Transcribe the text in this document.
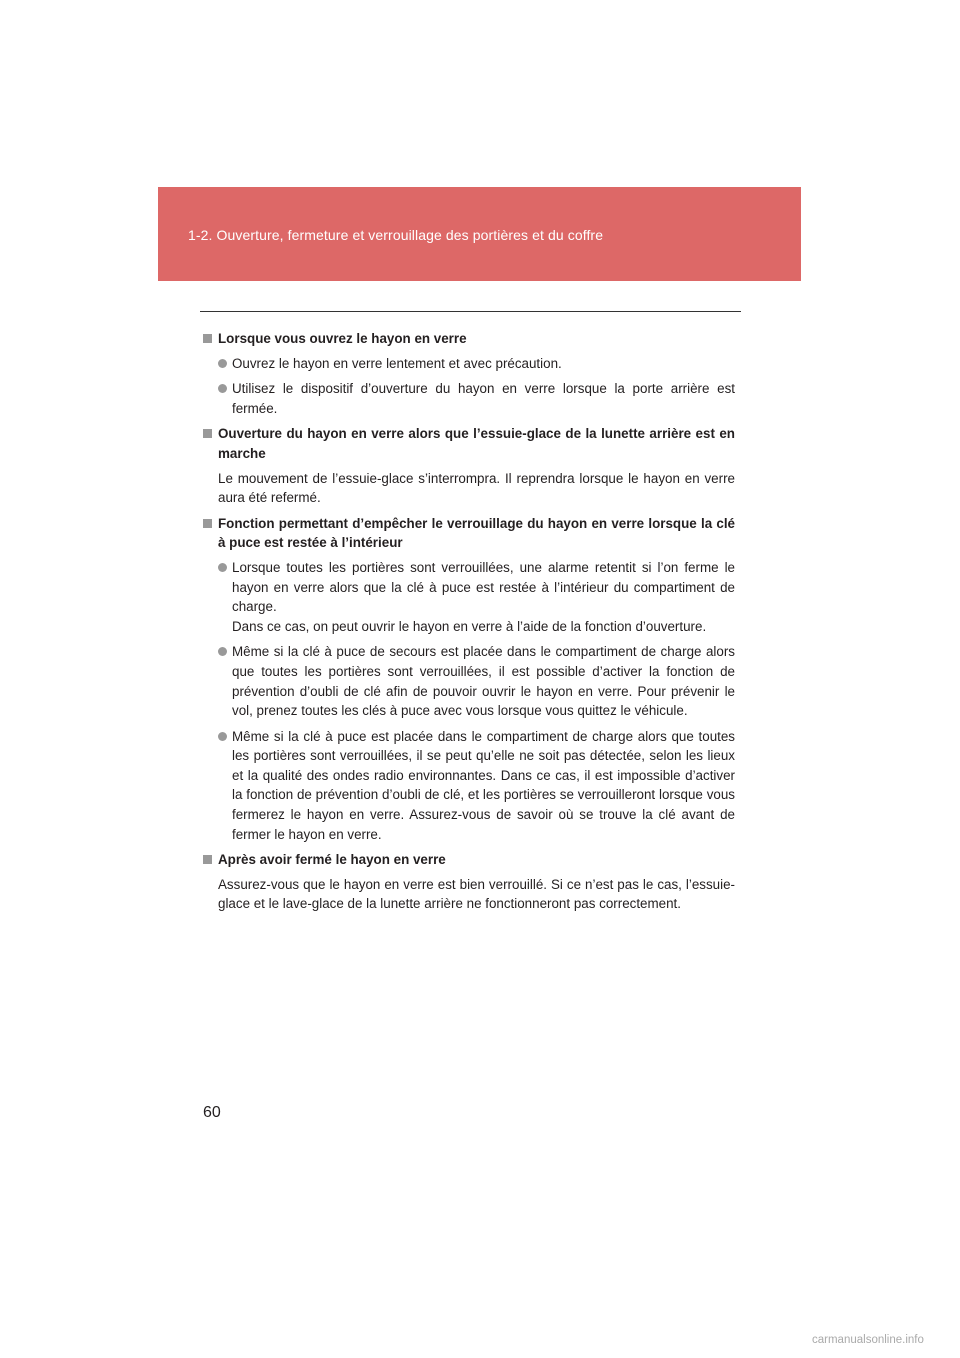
1-2. Ouverture, fermeture et verrouillage des portières et du coffre
Lorsque vous ouvrez le hayon en verre
Ouvrez le hayon en verre lentement et avec précaution.
Utilisez le dispositif d’ouverture du hayon en verre lorsque la porte arrière est fermée.
Ouverture du hayon en verre alors que l’essuie-glace de la lunette arrière est en marche
Le mouvement de l’essuie-glace s’interrompra. Il reprendra lorsque le hayon en verre aura été refermé.
Fonction permettant d’empêcher le verrouillage du hayon en verre lorsque la clé à puce est restée à l’intérieur
Lorsque toutes les portières sont verrouillées, une alarme retentit si l’on ferme le hayon en verre alors que la clé à puce est restée à l’intérieur du compartiment de charge.
Dans ce cas, on peut ouvrir le hayon en verre à l’aide de la fonction d’ouverture.
Même si la clé à puce de secours est placée dans le compartiment de charge alors que toutes les portières sont verrouillées, il est possible d’activer la fonction de prévention d’oubli de clé afin de pouvoir ouvrir le hayon en verre. Pour prévenir le vol, prenez toutes les clés à puce avec vous lorsque vous quittez le véhicule.
Même si la clé à puce est placée dans le compartiment de charge alors que toutes les portières sont verrouillées, il se peut qu’elle ne soit pas détectée, selon les lieux et la qualité des ondes radio environnantes. Dans ce cas, il est impossible d’activer la fonction de prévention d’oubli de clé, et les portières se verrouilleront lorsque vous fermerez le hayon en verre. Assurez-vous de savoir où se trouve la clé avant de fermer le hayon en verre.
Après avoir fermé le hayon en verre
Assurez-vous que le hayon en verre est bien verrouillé. Si ce n’est pas le cas, l’essuie-glace et le lave-glace de la lunette arrière ne fonctionneront pas correctement.
60
carmanualsonline.info
